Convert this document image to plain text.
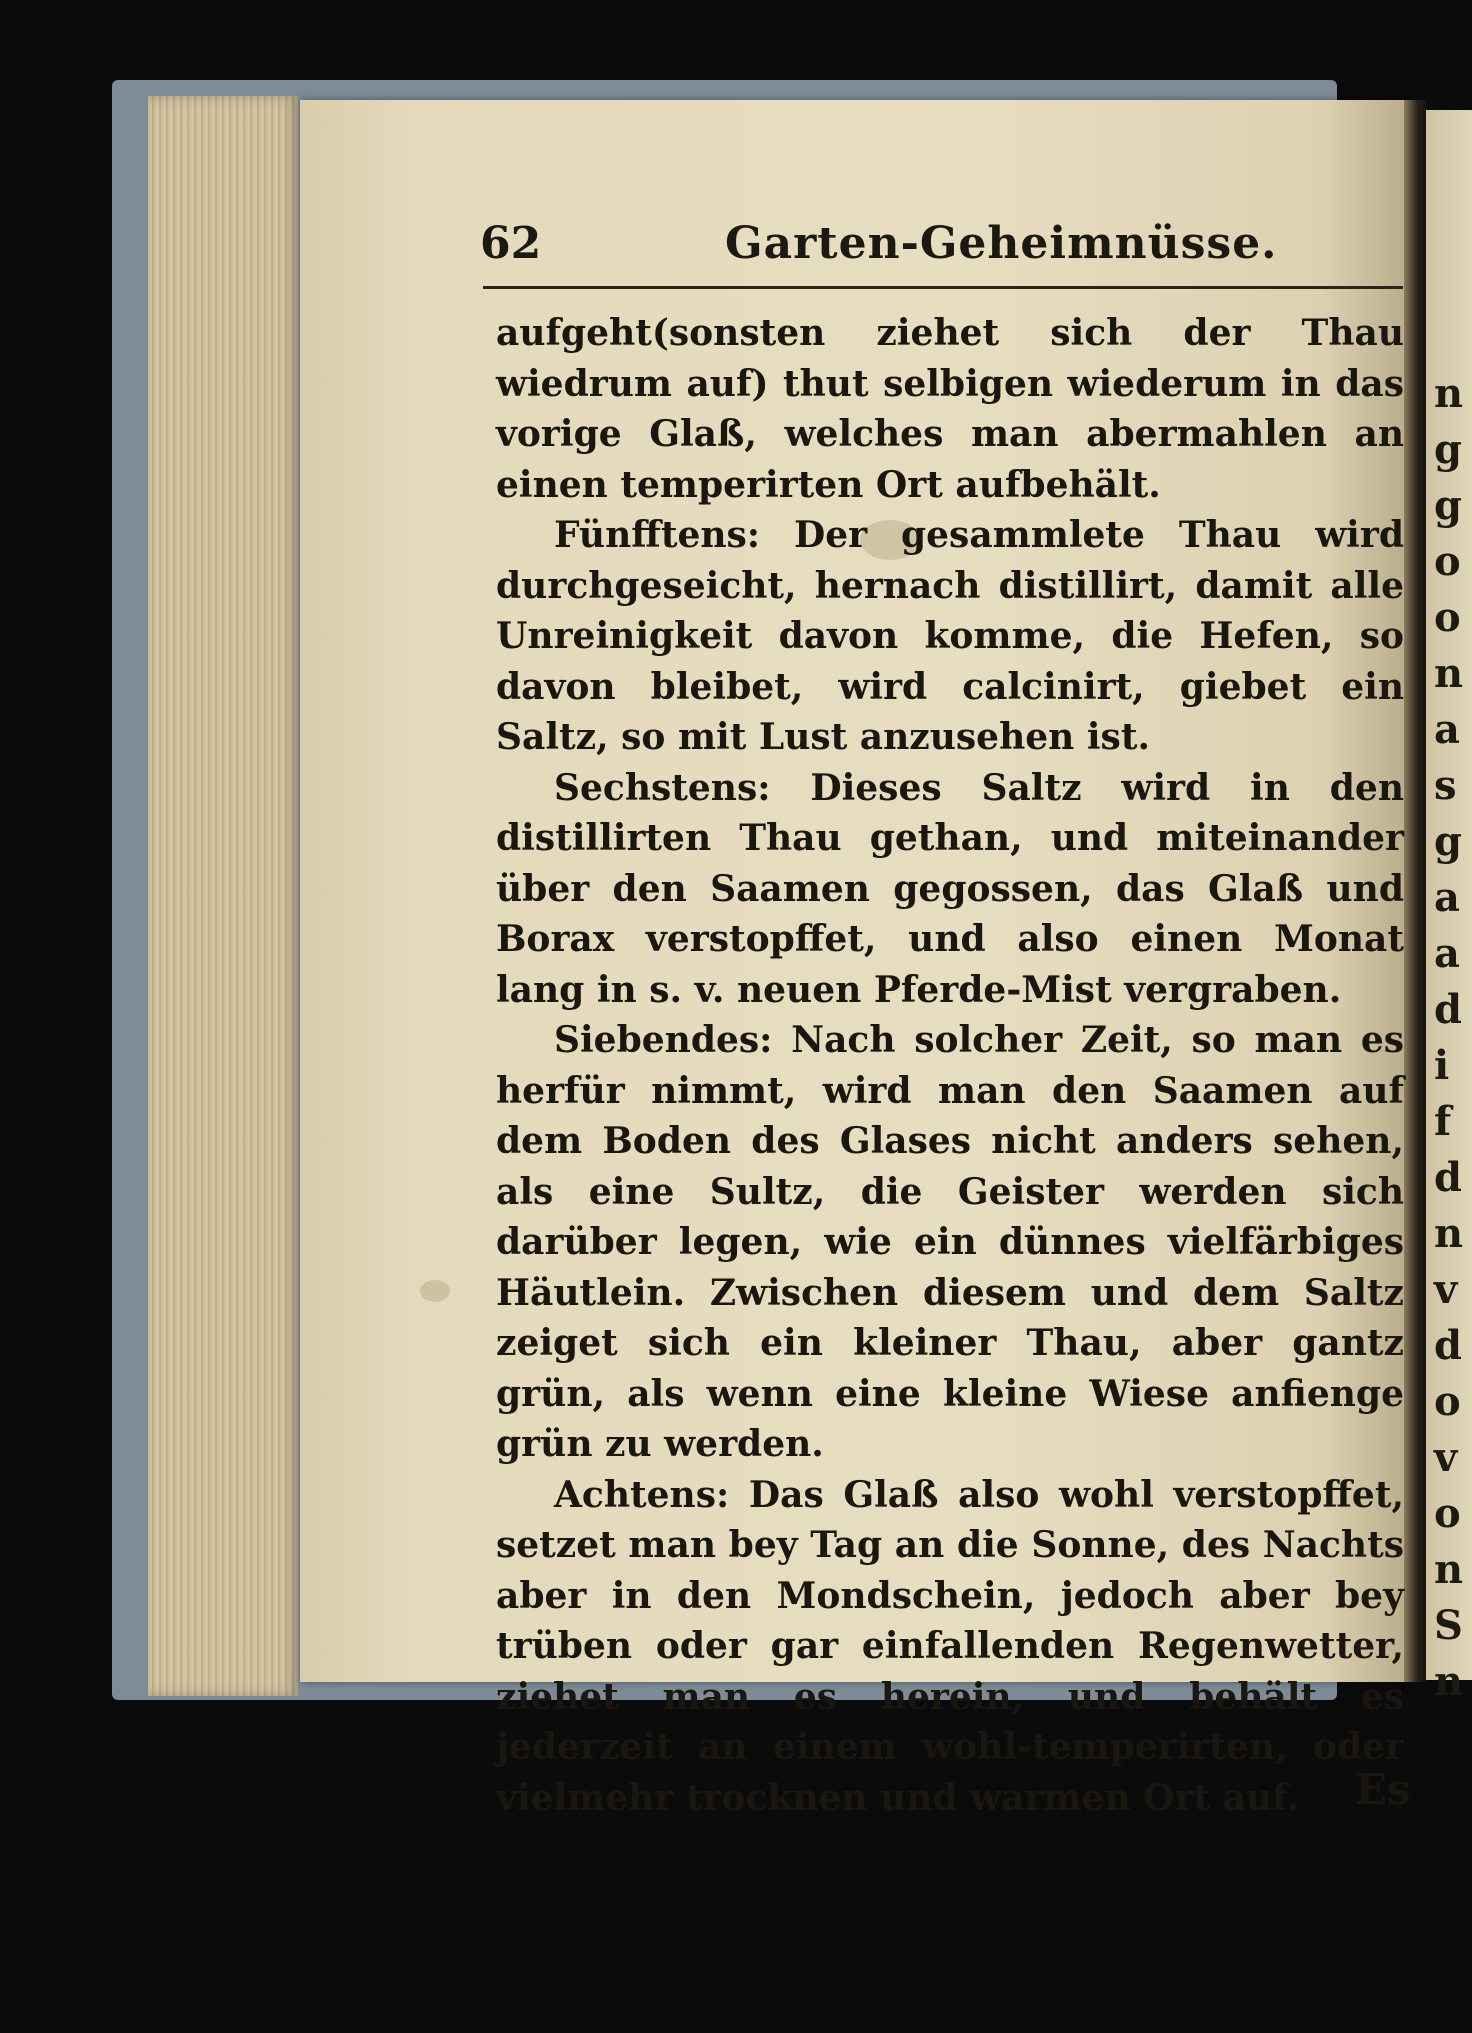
n
g
g
o
o
n
a
s
g
a
a
d
i
f
d
n
v
d
o
v
o
n
S
n
62	Garten-Geheimnüsse.

aufgeht(sonsten ziehet sich der Thau wiedrum auf) thut selbigen wiederum in das vorige Glaß, welches man abermahlen an einen temperirten Ort aufbehält.

Fünfftens: Der gesammlete Thau wird durchgeseicht, hernach distillirt, damit alle Unreinigkeit davon komme, die Hefen, so davon bleibet, wird calcinirt, giebet ein Saltz, so mit Lust anzusehen ist.

Sechstens: Dieses Saltz wird in den distillirten Thau gethan, und miteinander über den Saamen gegossen, das Glaß und Borax verstopffet, und also einen Monat lang in s. v. neuen Pferde-Mist vergraben.

Siebendes: Nach solcher Zeit, so man es herfür nimmt, wird man den Saamen auf dem Boden des Glases nicht anders sehen, als eine Sultz, die Geister werden sich darüber legen, wie ein dünnes vielfärbiges Häutlein. Zwischen diesem und dem Saltz zeiget sich ein kleiner Thau, aber gantz grün, als wenn eine kleine Wiese anfienge grün zu werden.

Achtens: Das Glaß also wohl verstopffet, setzet man bey Tag an die Sonne, des Nachts aber in den Mondschein, jedoch aber bey trüben oder gar einfallenden Regenwetter, ziehet man es herein, und behält es jederzeit an einem wohl-temperirten, oder vielmehr trocknen und warmen Ort auf.	Es
